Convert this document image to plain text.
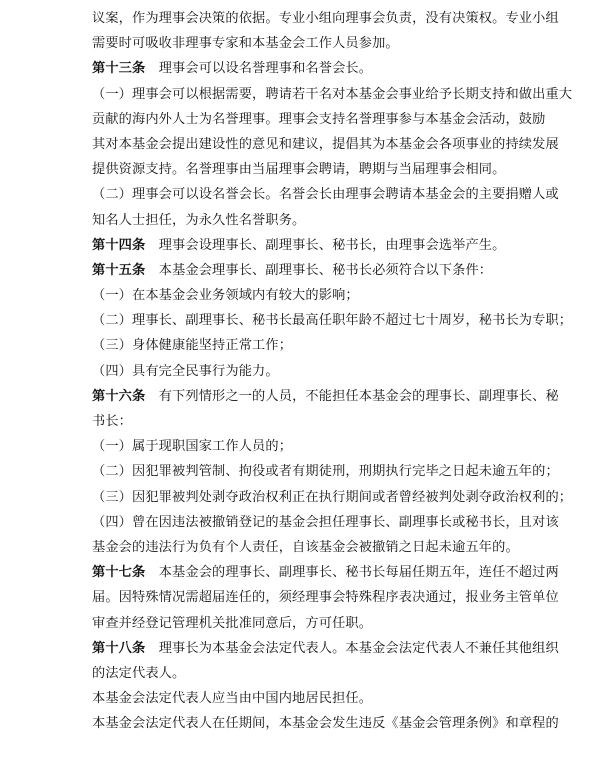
议案，作为理事会决策的依据。专业小组向理事会负责，没有决策权。专业小组
需要时可吸收非理事专家和本基金会工作人员参加。
第十三条　理事会可以设名誉理事和名誉会长。
（一）理事会可以根据需要，聘请若干名对本基金会事业给予长期支持和做出重大
贡献的海内外人士为名誉理事。理事会支持名誉理事参与本基金会活动，鼓励
其对本基金会提出建设性的意见和建议，提倡其为本基金会各项事业的持续发展
提供资源支持。名誉理事由当届理事会聘请，聘期与当届理事会相同。
（二）理事会可以设名誉会长。名誉会长由理事会聘请本基金会的主要捐赠人或
知名人士担任，为永久性名誉职务。
第十四条　理事会设理事长、副理事长、秘书长，由理事会选举产生。
第十五条　本基金会理事长、副理事长、秘书长必须符合以下条件：
（一）在本基金会业务领域内有较大的影响；
（二）理事长、副理事长、秘书长最高任职年龄不超过七十周岁，秘书长为专职；
（三）身体健康能坚持正常工作；
（四）具有完全民事行为能力。
第十六条　有下列情形之一的人员，不能担任本基金会的理事长、副理事长、秘
书长：
（一）属于现职国家工作人员的；
（二）因犯罪被判管制、拘役或者有期徒刑，刑期执行完毕之日起未逾五年的；
（三）因犯罪被判处剥夺政治权利正在执行期间或者曾经被判处剥夺政治权利的；
（四）曾在因违法被撤销登记的基金会担任理事长、副理事长或秘书长，且对该
基金会的违法行为负有个人责任，自该基金会被撤销之日起未逾五年的。
第十七条　本基金会的理事长、副理事长、秘书长每届任期五年，连任不超过两
届。因特殊情况需超届连任的，须经理事会特殊程序表决通过，报业务主管单位
审查并经登记管理机关批准同意后，方可任职。
第十八条　理事长为本基金会法定代表人。本基金会法定代表人不兼任其他组织
的法定代表人。
本基金会法定代表人应当由中国内地居民担任。
本基金会法定代表人在任期间，本基金会发生违反《基金会管理条例》和章程的
